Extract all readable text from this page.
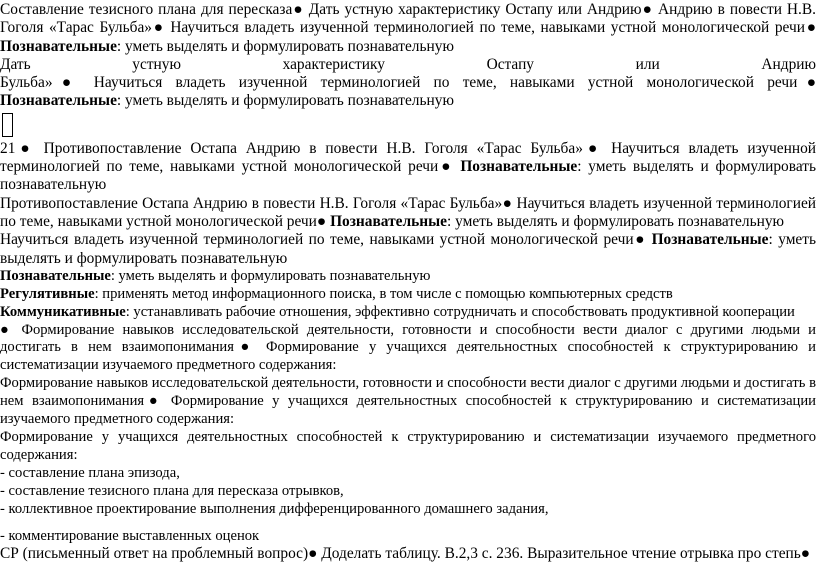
Составление тезисного плана для пересказа● Дать устную характеристику Остапу или Андрию● Андрию в повести Н.В. Гоголя «Тарас Бульба»● Научиться владеть изученной терминологией по теме, навыками устной монологической речи● Познавательные: уметь выделять и формулировать познавательную

Дать устную характеристику Остапу или Андрию

Бульба»● Научиться владеть изученной терминологией по теме, навыками устной монологической речи● Познавательные: уметь выделять и формулировать познавательную

21● Противопоставление Остапа Андрию в повести Н.В. Гоголя «Тарас Бульба»● Научиться владеть изученной терминологией по теме, навыками устной монологической речи● Познавательные: уметь выделять и формулировать познавательную

Противопоставление Остапа Андрию в повести Н.В. Гоголя «Тарас Бульба»● Научиться владеть изученной терминологией по теме, навыками устной монологической речи● Познавательные: уметь выделять и формулировать познавательную

Научиться владеть изученной терминологией по теме, навыками устной монологической речи● Познавательные: уметь выделять и формулировать познавательную

Познавательные: уметь выделять и формулировать познавательную

Регулятивные: применять метод информационного поиска, в том числе с помощью компьютерных средств

Коммуникативные: устанавливать рабочие отношения, эффективно сотрудничать и способствовать продуктивной кооперации

● Формирование навыков исследовательской деятельности, готовности и способности вести диалог с другими людьми и достигать в нем взаимопонимания● Формирование у учащихся деятельностных способностей к структурированию и систематизации изучаемого предметного содержания:

Формирование навыков исследовательской деятельности, готовности и способности вести диалог с другими людьми и достигать в нем взаимопонимания● Формирование у учащихся деятельностных способностей к структурированию и систематизации изучаемого предметного содержания:

Формирование у учащихся деятельностных способностей к структурированию и систематизации изучаемого предметного содержания:

- составление плана эпизода,

- составление тезисного плана для пересказа отрывков,

- коллективное проектирование выполнения дифференцированного домашнего задания,

- комментирование выставленных оценок

СР (письменный ответ на проблемный вопрос)● Доделать таблицу. В.2,3 с. 236. Выразительное чтение отрывка про степь●
